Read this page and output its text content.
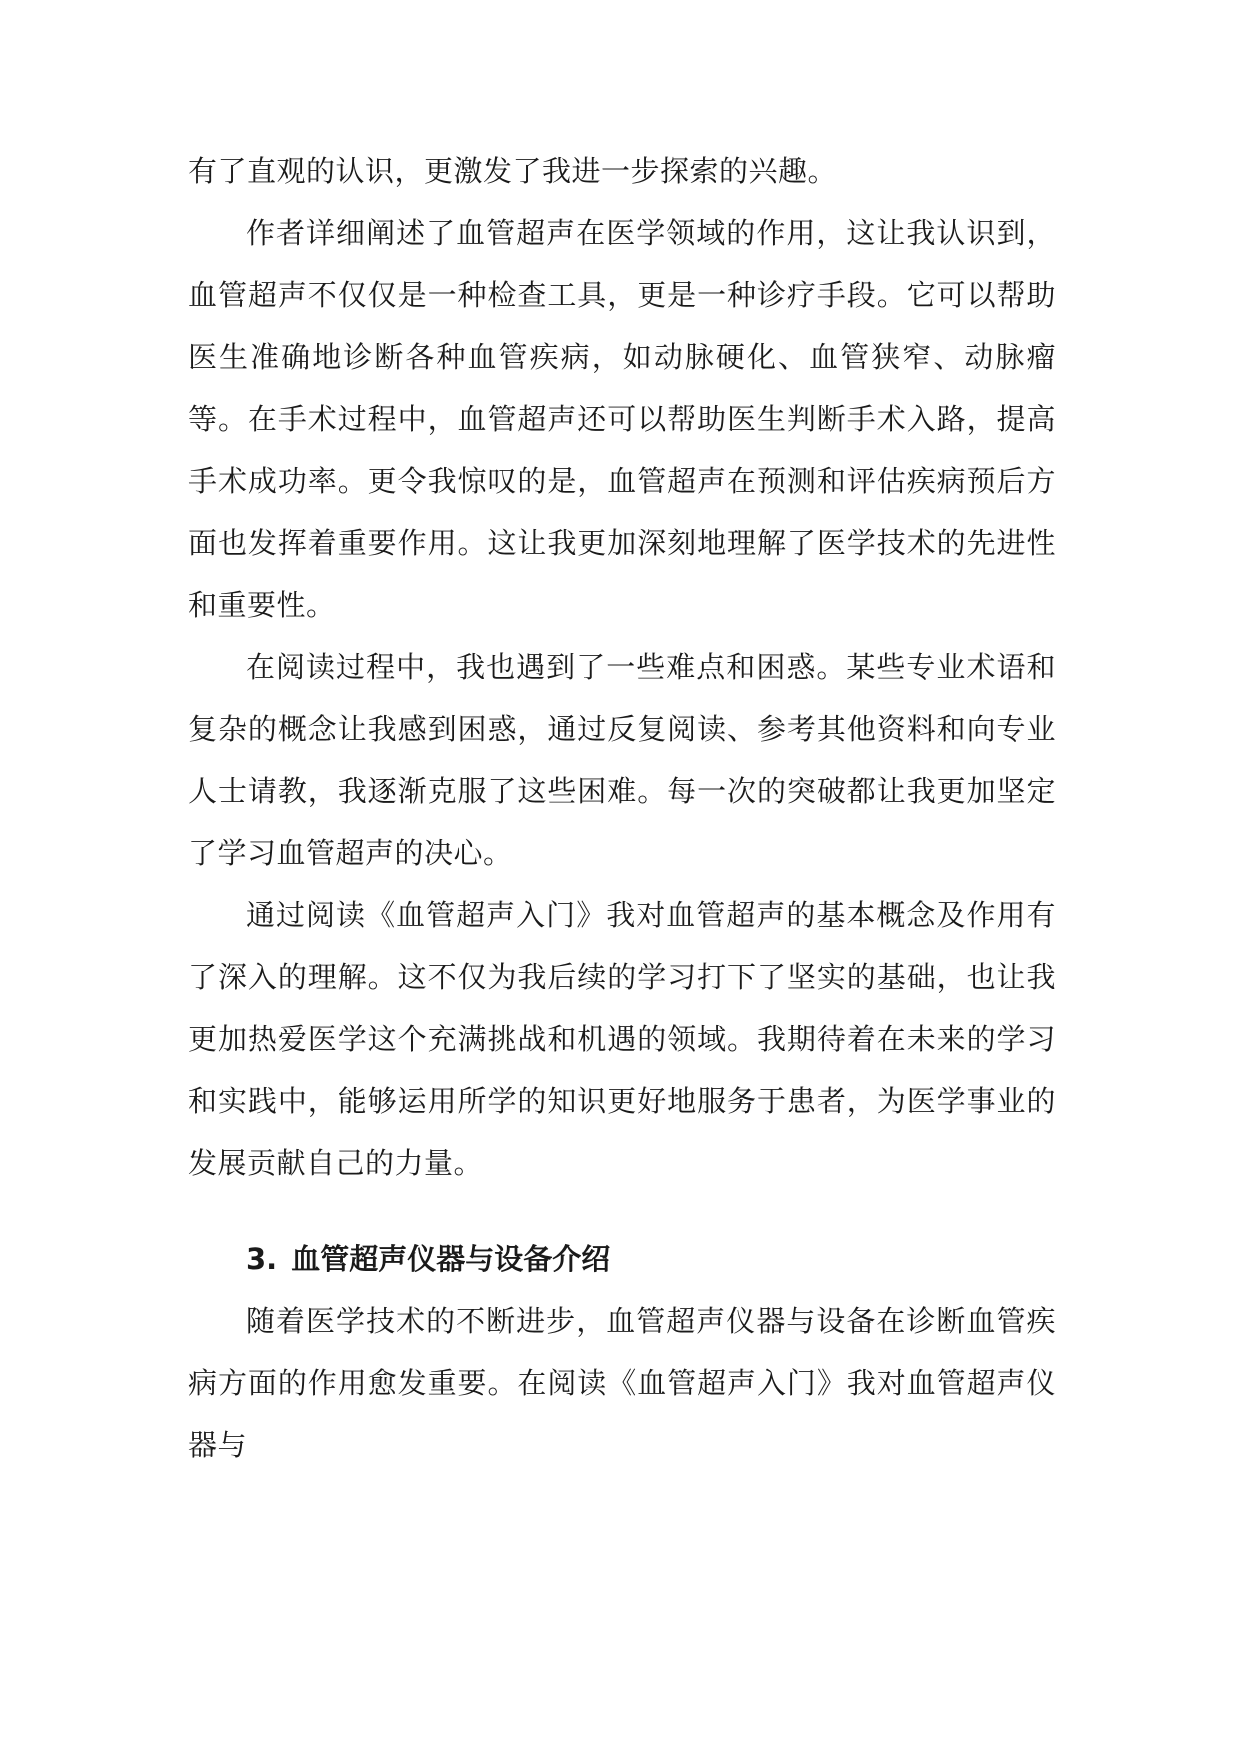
有了直观的认识，更激发了我进一步探索的兴趣。

作者详细阐述了血管超声在医学领域的作用，这让我认识到，血管超声不仅仅是一种检查工具，更是一种诊疗手段。它可以帮助医生准确地诊断各种血管疾病，如动脉硬化、血管狭窄、动脉瘤等。在手术过程中，血管超声还可以帮助医生判断手术入路，提高手术成功率。更令我惊叹的是，血管超声在预测和评估疾病预后方面也发挥着重要作用。这让我更加深刻地理解了医学技术的先进性和重要性。

在阅读过程中，我也遇到了一些难点和困惑。某些专业术语和复杂的概念让我感到困惑，通过反复阅读、参考其他资料和向专业人士请教，我逐渐克服了这些困难。每一次的突破都让我更加坚定了学习血管超声的决心。

通过阅读《血管超声入门》我对血管超声的基本概念及作用有了深入的理解。这不仅为我后续的学习打下了坚实的基础，也让我更加热爱医学这个充满挑战和机遇的领域。我期待着在未来的学习和实践中，能够运用所学的知识更好地服务于患者，为医学事业的发展贡献自己的力量。

3. 血管超声仪器与设备介绍

随着医学技术的不断进步，血管超声仪器与设备在诊断血管疾病方面的作用愈发重要。在阅读《血管超声入门》我对血管超声仪器与
